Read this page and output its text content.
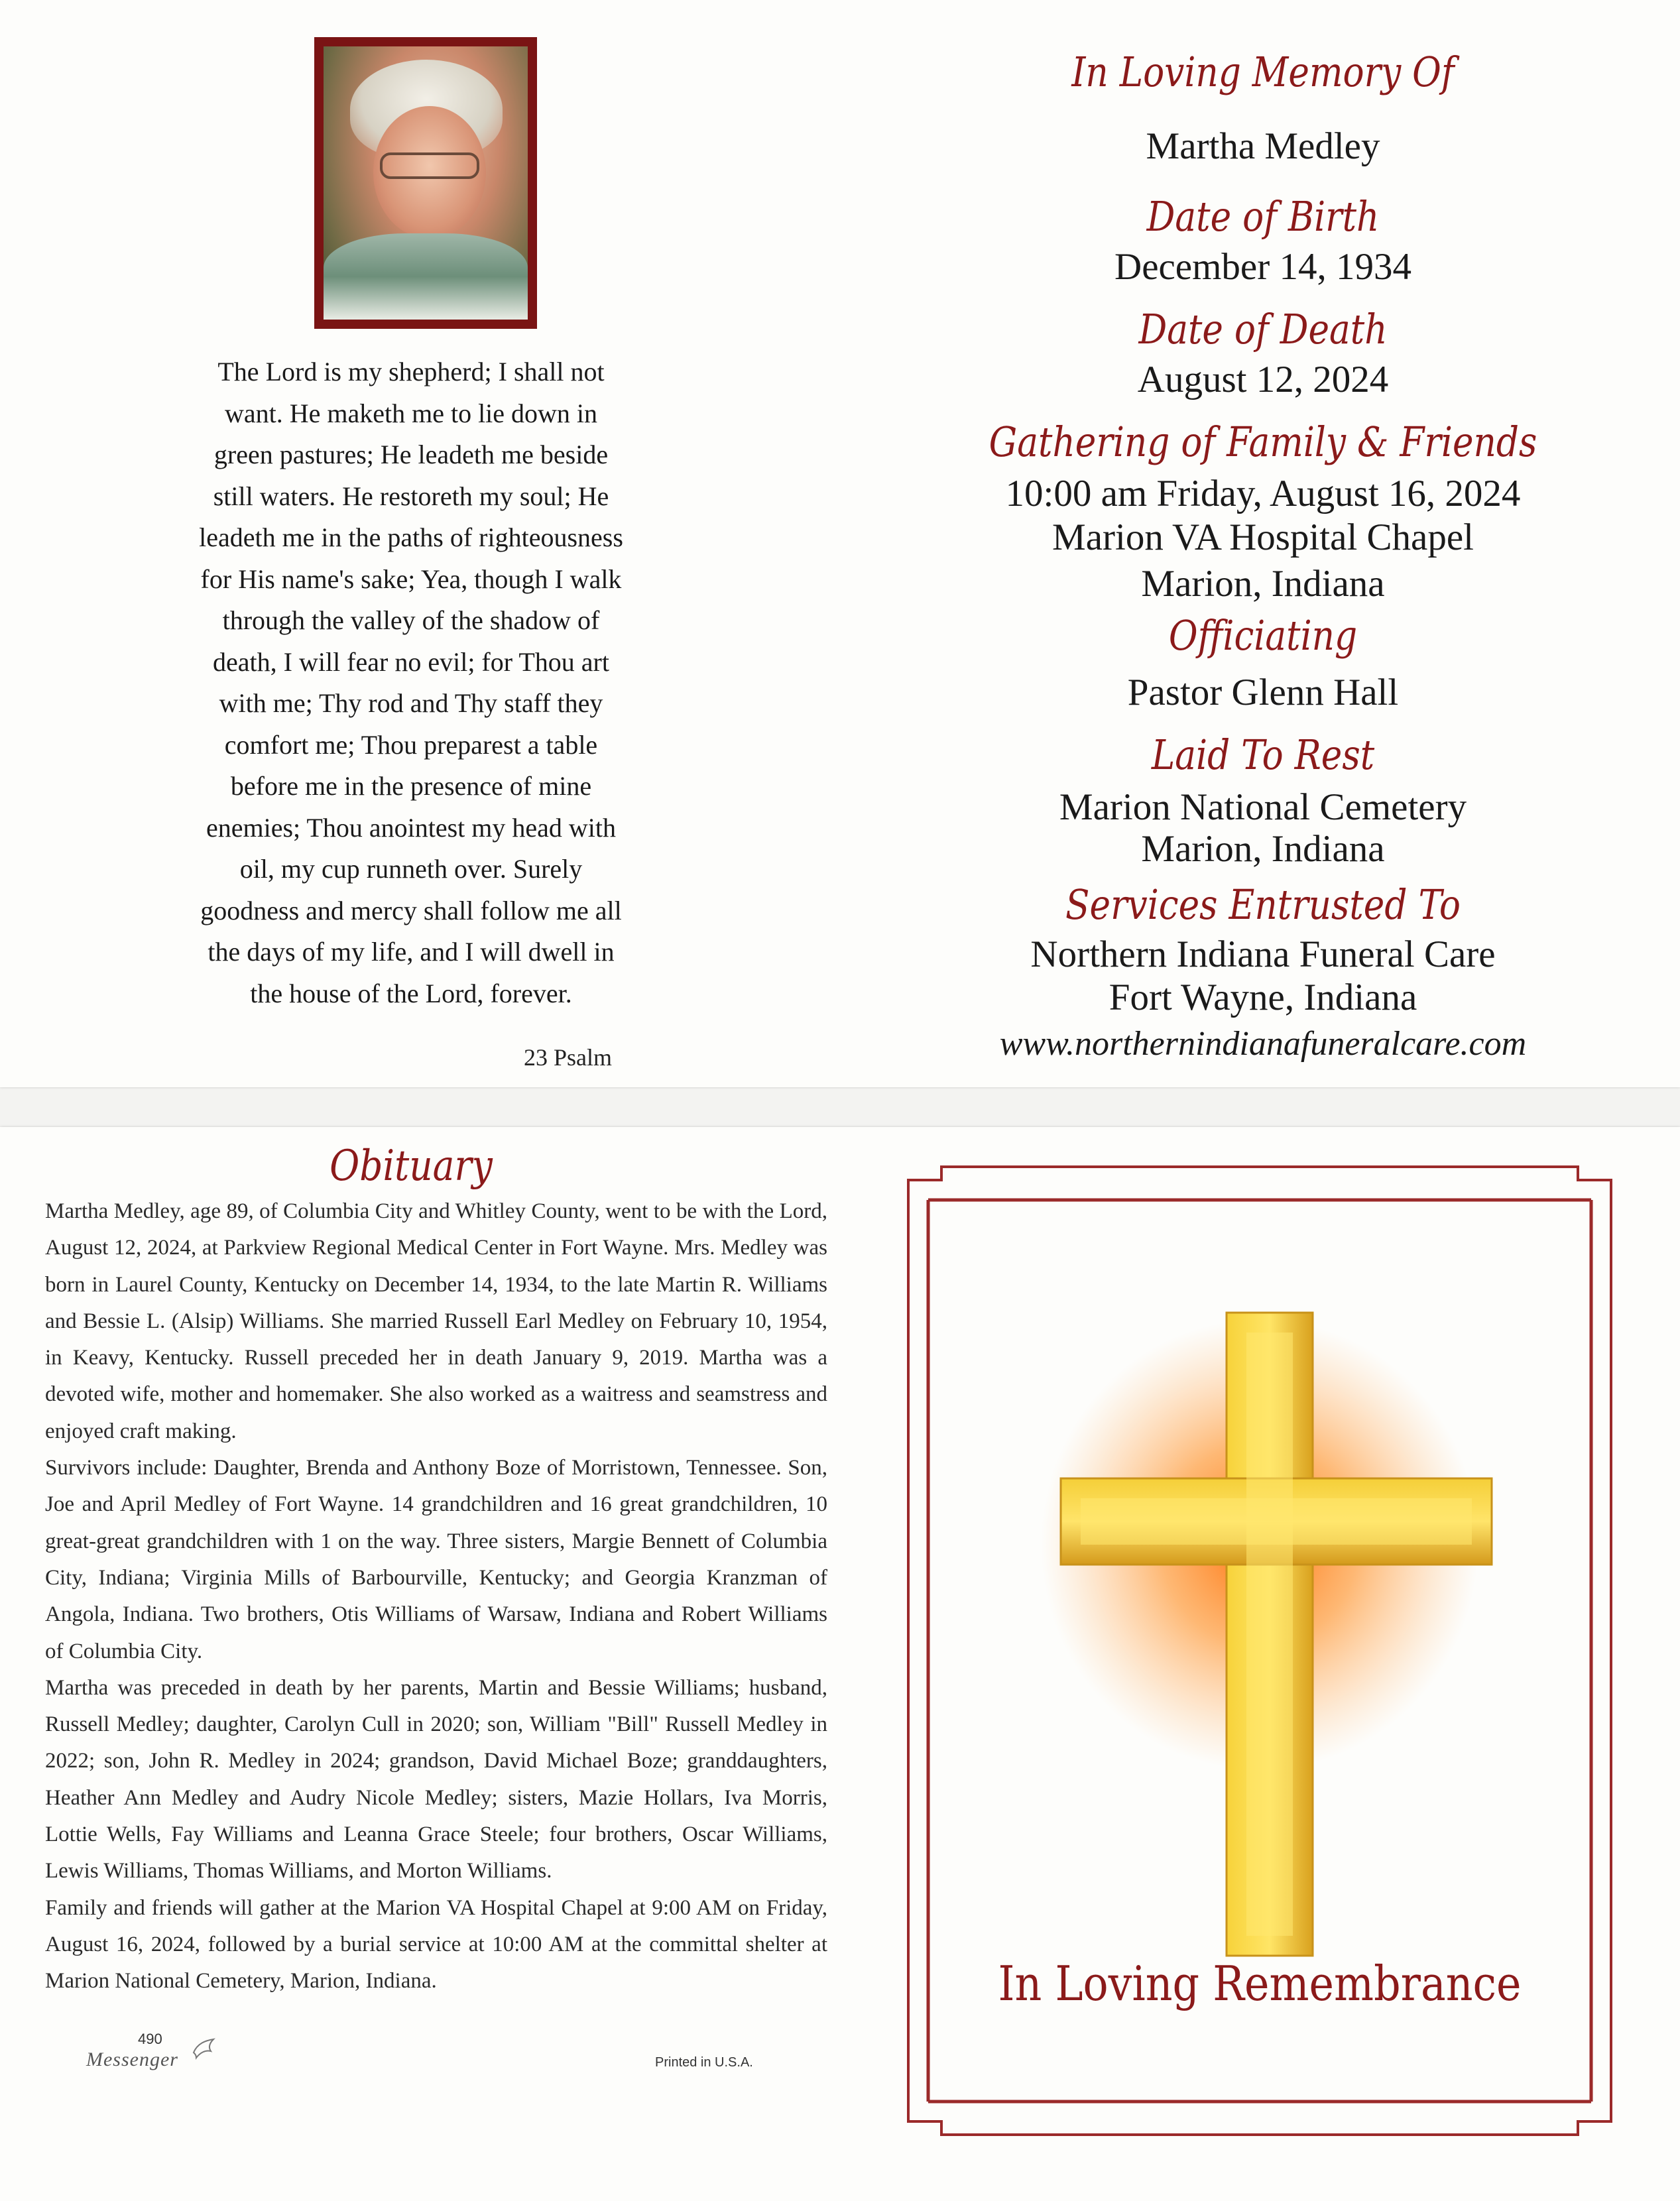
The Lord is my shepherd; I shall not
want. He maketh me to lie down in
green pastures; He leadeth me beside
still waters. He restoreth my soul; He
leadeth me in the paths of righteousness
for His name's sake; Yea, though I walk
through the valley of the shadow of
death, I will fear no evil; for Thou art
with me; Thy rod and Thy staff they
comfort me; Thou preparest a table
before me in the presence of mine
enemies; Thou anointest my head with
oil, my cup runneth over. Surely
goodness and mercy shall follow me all
the days of my life, and I will dwell in
the house of the Lord, forever.
23 Psalm
In Loving Memory Of
Martha Medley
Date of Birth
December 14, 1934
Date of Death
August 12, 2024
Gathering of Family & Friends
10:00 am Friday, August 16, 2024
Marion VA Hospital Chapel
Marion, Indiana
Officiating
Pastor Glenn Hall
Laid To Rest
Marion National Cemetery
Marion, Indiana
Services Entrusted To
Northern Indiana Funeral Care
Fort Wayne, Indiana
www.northernindianafuneralcare.com
Obituary

Martha Medley, age 89, of Columbia City and Whitley County, went to be with the Lord, August 12, 2024, at Parkview Regional Medical Center in Fort Wayne. Mrs. Medley was born in Laurel County, Kentucky on December 14, 1934, to the late Martin R. Williams and Bessie L. (Alsip) Williams. She married Russell Earl Medley on February 10, 1954, in Keavy, Kentucky. Russell preceded her in death January 9, 2019. Martha was a devoted wife, mother and homemaker. She also worked as a waitress and seamstress and enjoyed craft making.

Survivors include: Daughter, Brenda and Anthony Boze of Morristown, Tennessee. Son, Joe and April Medley of Fort Wayne. 14 grandchildren and 16 great grandchildren, 10 great-great grandchildren with 1 on the way. Three sisters, Margie Bennett of Columbia City, Indiana; Virginia Mills of Barbourville, Kentucky; and Georgia Kranzman of Angola, Indiana. Two brothers, Otis Williams of Warsaw, Indiana and Robert Williams of Columbia City.

Martha was preceded in death by her parents, Martin and Bessie Williams; husband, Russell Medley; daughter, Carolyn Cull in 2020; son, William "Bill" Russell Medley in 2022; son, John R. Medley in 2024; grandson, David Michael Boze; granddaughters, Heather Ann Medley and Audry Nicole Medley; sisters, Mazie Hollars, Iva Morris, Lottie Wells, Fay Williams and Leanna Grace Steele; four brothers, Oscar Williams, Lewis Williams, Thomas Williams, and Morton Williams.

Family and friends will gather at the Marion VA Hospital Chapel at 9:00 AM on Friday, August 16, 2024, followed by a burial service at 10:00 AM at the committal shelter at Marion National Cemetery, Marion, Indiana.

490
Messenger	Printed in U.S.A.
In Loving Remembrance
